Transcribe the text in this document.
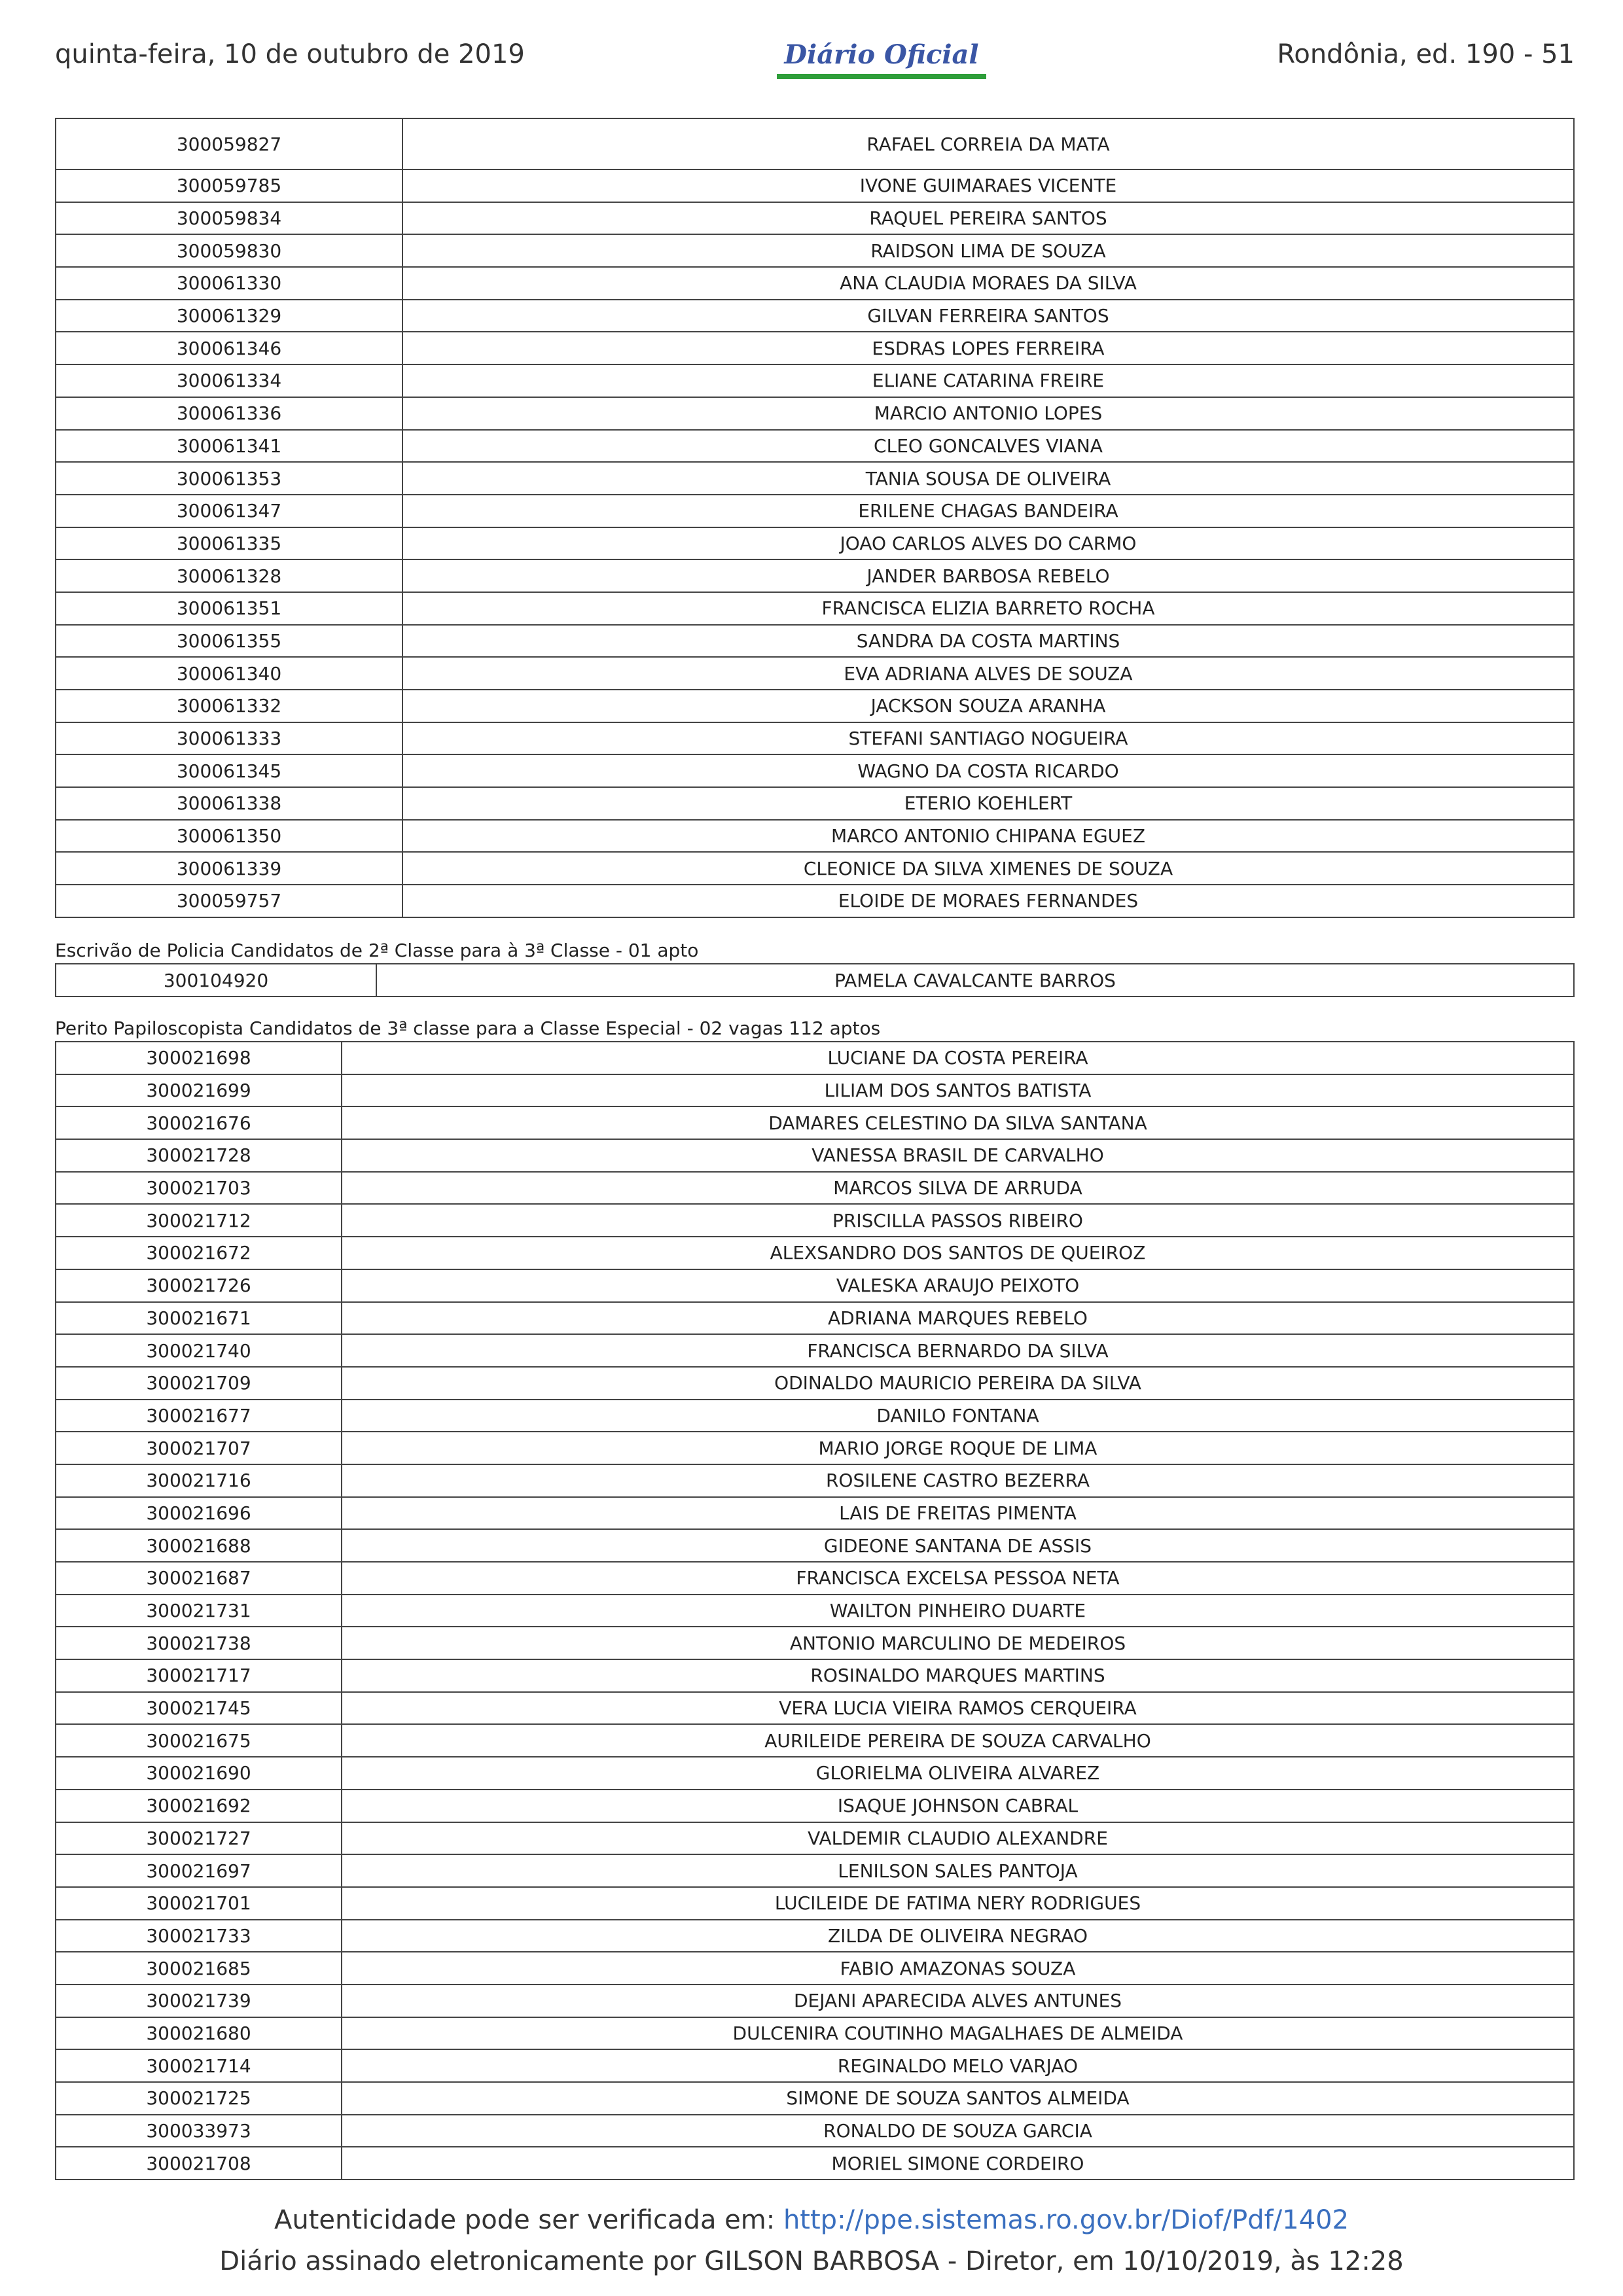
quinta-feira, 10 de outubro de 2019	Diário Oficial	Rondônia, ed. 190 - 51
300059827	RAFAEL CORREIA DA MATA
300059785	IVONE GUIMARAES VICENTE
300059834	RAQUEL PEREIRA SANTOS
300059830	RAIDSON LIMA DE SOUZA
300061330	ANA CLAUDIA MORAES DA SILVA
300061329	GILVAN FERREIRA SANTOS
300061346	ESDRAS LOPES FERREIRA
300061334	ELIANE CATARINA FREIRE
300061336	MARCIO ANTONIO LOPES
300061341	CLEO GONCALVES VIANA
300061353	TANIA SOUSA DE OLIVEIRA
300061347	ERILENE CHAGAS BANDEIRA
300061335	JOAO CARLOS ALVES DO CARMO
300061328	JANDER BARBOSA REBELO
300061351	FRANCISCA ELIZIA BARRETO ROCHA
300061355	SANDRA DA COSTA MARTINS
300061340	EVA ADRIANA ALVES DE SOUZA
300061332	JACKSON SOUZA ARANHA
300061333	STEFANI SANTIAGO NOGUEIRA
300061345	WAGNO DA COSTA RICARDO
300061338	ETERIO KOEHLERT
300061350	MARCO ANTONIO CHIPANA EGUEZ
300061339	CLEONICE DA SILVA XIMENES DE SOUZA
300059757	ELOIDE DE MORAES FERNANDES
Escrivão de Policia Candidatos de 2ª Classe para à 3ª Classe - 01 apto
300104920	PAMELA CAVALCANTE BARROS
Perito Papiloscopista Candidatos de 3ª classe para a Classe Especial - 02 vagas 112 aptos
300021698	LUCIANE DA COSTA PEREIRA
300021699	LILIAM DOS SANTOS BATISTA
300021676	DAMARES CELESTINO DA SILVA SANTANA
300021728	VANESSA BRASIL DE CARVALHO
300021703	MARCOS SILVA DE ARRUDA
300021712	PRISCILLA PASSOS RIBEIRO
300021672	ALEXSANDRO DOS SANTOS DE QUEIROZ
300021726	VALESKA ARAUJO PEIXOTO
300021671	ADRIANA MARQUES REBELO
300021740	FRANCISCA BERNARDO DA SILVA
300021709	ODINALDO MAURICIO PEREIRA DA SILVA
300021677	DANILO FONTANA
300021707	MARIO JORGE ROQUE DE LIMA
300021716	ROSILENE CASTRO BEZERRA
300021696	LAIS DE FREITAS PIMENTA
300021688	GIDEONE SANTANA DE ASSIS
300021687	FRANCISCA EXCELSA PESSOA NETA
300021731	WAILTON PINHEIRO DUARTE
300021738	ANTONIO MARCULINO DE MEDEIROS
300021717	ROSINALDO MARQUES MARTINS
300021745	VERA LUCIA VIEIRA RAMOS CERQUEIRA
300021675	AURILEIDE PEREIRA DE SOUZA CARVALHO
300021690	GLORIELMA OLIVEIRA ALVAREZ
300021692	ISAQUE JOHNSON CABRAL
300021727	VALDEMIR CLAUDIO ALEXANDRE
300021697	LENILSON SALES PANTOJA
300021701	LUCILEIDE DE FATIMA NERY RODRIGUES
300021733	ZILDA DE OLIVEIRA NEGRAO
300021685	FABIO AMAZONAS SOUZA
300021739	DEJANI APARECIDA ALVES ANTUNES
300021680	DULCENIRA COUTINHO MAGALHAES DE ALMEIDA
300021714	REGINALDO MELO VARJAO
300021725	SIMONE DE SOUZA SANTOS ALMEIDA
300033973	RONALDO DE SOUZA GARCIA
300021708	MORIEL SIMONE CORDEIRO
Autenticidade pode ser verificada em: http://ppe.sistemas.ro.gov.br/Diof/Pdf/1402
Diário assinado eletronicamente por GILSON BARBOSA - Diretor, em 10/10/2019, às 12:28
